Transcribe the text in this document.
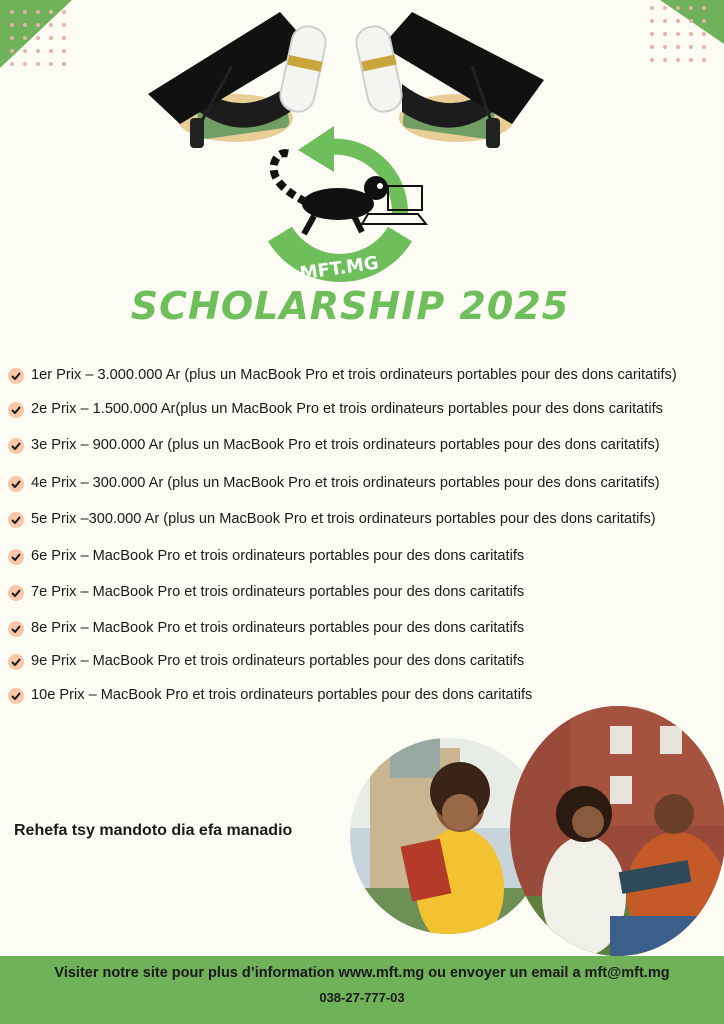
MFT.MG
SCHOLARSHIP 2025
1er Prix – 3.000.000 Ar (plus un MacBook Pro et trois ordinateurs portables pour des dons caritatifs)
2e Prix – 1.500.000 Ar(plus un MacBook Pro et trois ordinateurs portables pour des dons caritatifs
3e Prix – 900.000 Ar (plus un MacBook Pro et trois ordinateurs portables pour des dons caritatifs)
4e Prix – 300.000 Ar (plus un MacBook Pro et trois ordinateurs portables pour des dons caritatifs)
5e Prix –300.000 Ar (plus un MacBook Pro et trois ordinateurs portables pour des dons caritatifs)
6e Prix – MacBook Pro et trois ordinateurs portables pour des dons caritatifs
7e Prix – MacBook Pro et trois ordinateurs portables pour des dons caritatifs
8e Prix – MacBook Pro et trois ordinateurs portables pour des dons caritatifs
9e Prix – MacBook Pro et trois ordinateurs portables pour des dons caritatifs
10e Prix – MacBook Pro et trois ordinateurs portables pour des dons caritatifs
Rehefa tsy mandoto dia efa manadio
Visiter notre site pour plus d’information www.mft.mg ou envoyer un email a mft@mft.mg
038-27-777-03
